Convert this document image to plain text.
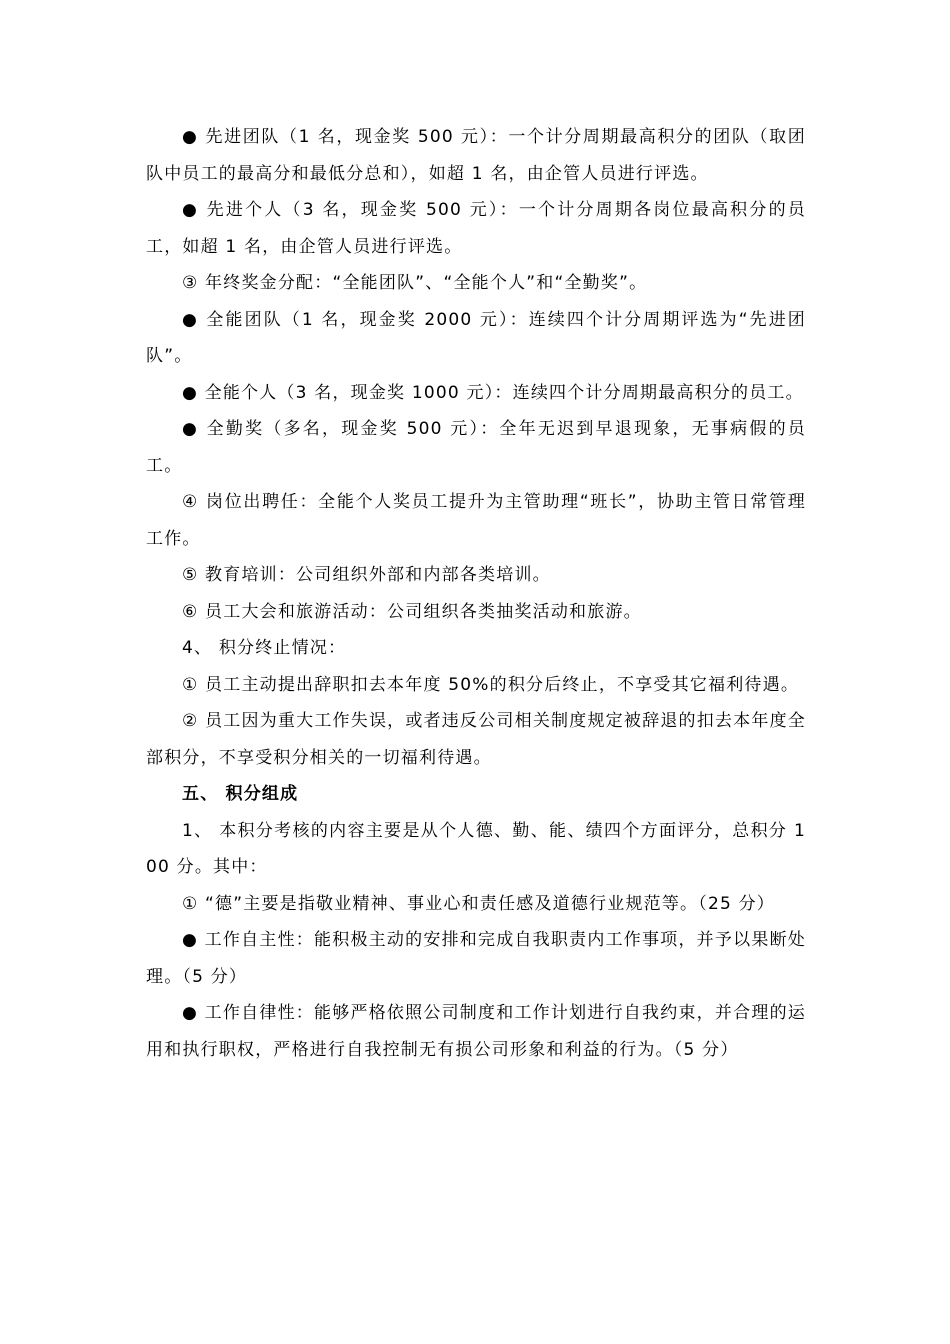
● 先进团队（1 名，现金奖 500 元）：一个计分周期最高积分的团队（取团队中员工的最高分和最低分总和），如超 1 名，由企管人员进行评选。

● 先进个人（3 名，现金奖 500 元）：一个计分周期各岗位最高积分的员工，如超 1 名，由企管人员进行评选。

③ 年终奖金分配：“全能团队”、“全能个人”和“全勤奖”。

● 全能团队（1 名，现金奖 2000 元）：连续四个计分周期评选为“先进团队”。

● 全能个人（3 名，现金奖 1000 元）：连续四个计分周期最高积分的员工。

● 全勤奖（多名，现金奖 500 元）：全年无迟到早退现象，无事病假的员工。

④ 岗位出聘任：全能个人奖员工提升为主管助理“班长”，协助主管日常管理工作。

⑤ 教育培训：公司组织外部和内部各类培训。

⑥ 员工大会和旅游活动：公司组织各类抽奖活动和旅游。

4、 积分终止情况：

① 员工主动提出辞职扣去本年度 50%的积分后终止，不享受其它福利待遇。

② 员工因为重大工作失误，或者违反公司相关制度规定被辞退的扣去本年度全部积分，不享受积分相关的一切福利待遇。

五、 积分组成

1、 本积分考核的内容主要是从个人德、勤、能、绩四个方面评分，总积分 100 分。其中：

① “德”主要是指敬业精神、事业心和责任感及道德行业规范等。（25 分）

● 工作自主性：能积极主动的安排和完成自我职责内工作事项，并予以果断处理。（5 分）

● 工作自律性：能够严格依照公司制度和工作计划进行自我约束，并合理的运用和执行职权，严格进行自我控制无有损公司形象和利益的行为。（5 分）
